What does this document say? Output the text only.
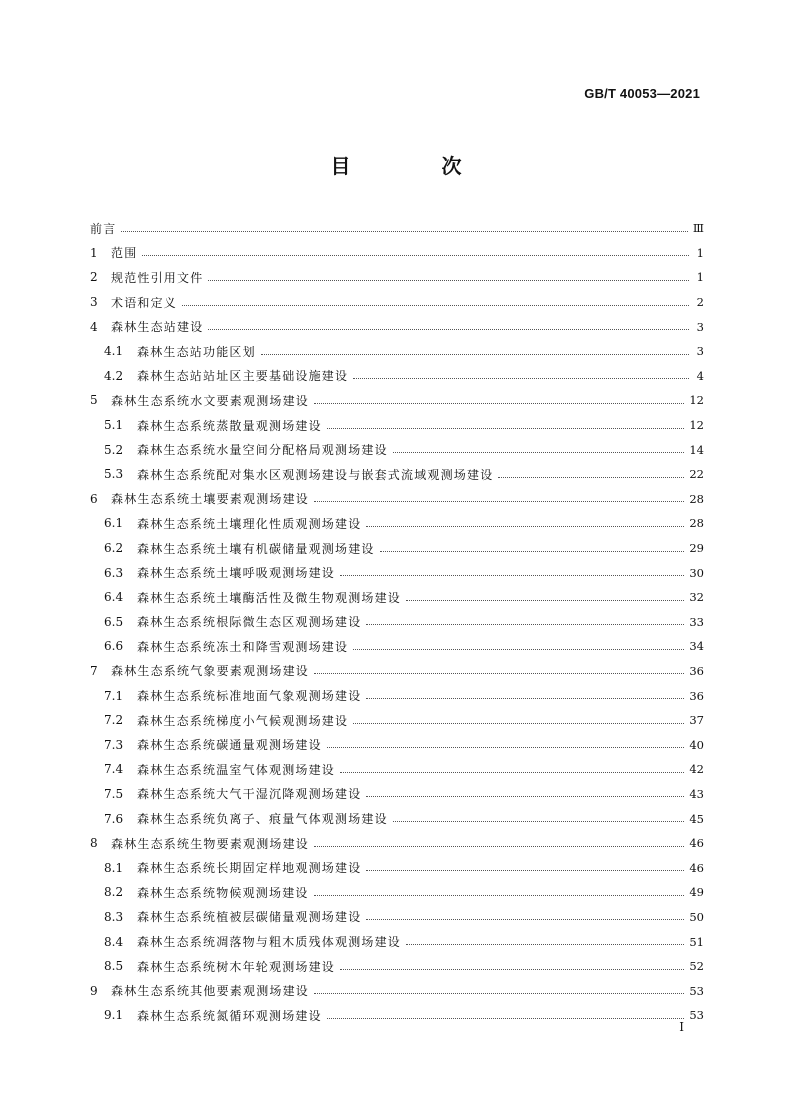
GB/T 40053—2021
目 次
前言	Ⅲ
1	范围	1
2	规范性引用文件	1
3	术语和定义	2
4	森林生态站建设	3
4.1	森林生态站功能区划	3
4.2	森林生态站站址区主要基础设施建设	4
5	森林生态系统水文要素观测场建设	12
5.1	森林生态系统蒸散量观测场建设	12
5.2	森林生态系统水量空间分配格局观测场建设	14
5.3	森林生态系统配对集水区观测场建设与嵌套式流域观测场建设	22
6	森林生态系统土壤要素观测场建设	28
6.1	森林生态系统土壤理化性质观测场建设	28
6.2	森林生态系统土壤有机碳储量观测场建设	29
6.3	森林生态系统土壤呼吸观测场建设	30
6.4	森林生态系统土壤酶活性及微生物观测场建设	32
6.5	森林生态系统根际微生态区观测场建设	33
6.6	森林生态系统冻土和降雪观测场建设	34
7	森林生态系统气象要素观测场建设	36
7.1	森林生态系统标准地面气象观测场建设	36
7.2	森林生态系统梯度小气候观测场建设	37
7.3	森林生态系统碳通量观测场建设	40
7.4	森林生态系统温室气体观测场建设	42
7.5	森林生态系统大气干湿沉降观测场建设	43
7.6	森林生态系统负离子、痕量气体观测场建设	45
8	森林生态系统生物要素观测场建设	46
8.1	森林生态系统长期固定样地观测场建设	46
8.2	森林生态系统物候观测场建设	49
8.3	森林生态系统植被层碳储量观测场建设	50
8.4	森林生态系统凋落物与粗木质残体观测场建设	51
8.5	森林生态系统树木年轮观测场建设	52
9	森林生态系统其他要素观测场建设	53
9.1	森林生态系统氮循环观测场建设	53
I
